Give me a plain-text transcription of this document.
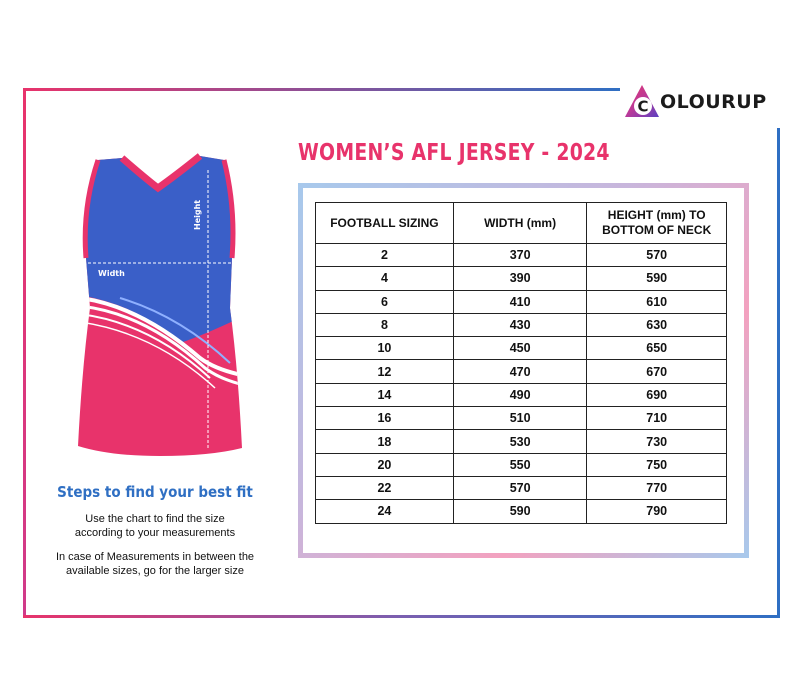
C OLOURUP
WOMEN’S AFL JERSEY - 2024
Width
Height
Steps to find your best fit
Use the chart to find the size
according to your measurements
In case of Measurements in between the
available sizes, go for the larger size
FOOTBALL SIZING	WIDTH (mm)	HEIGHT (mm) TO
BOTTOM OF NECK
2	370	570
4	390	590
6	410	610
8	430	630
10	450	650
12	470	670
14	490	690
16	510	710
18	530	730
20	550	750
22	570	770
24	590	790
